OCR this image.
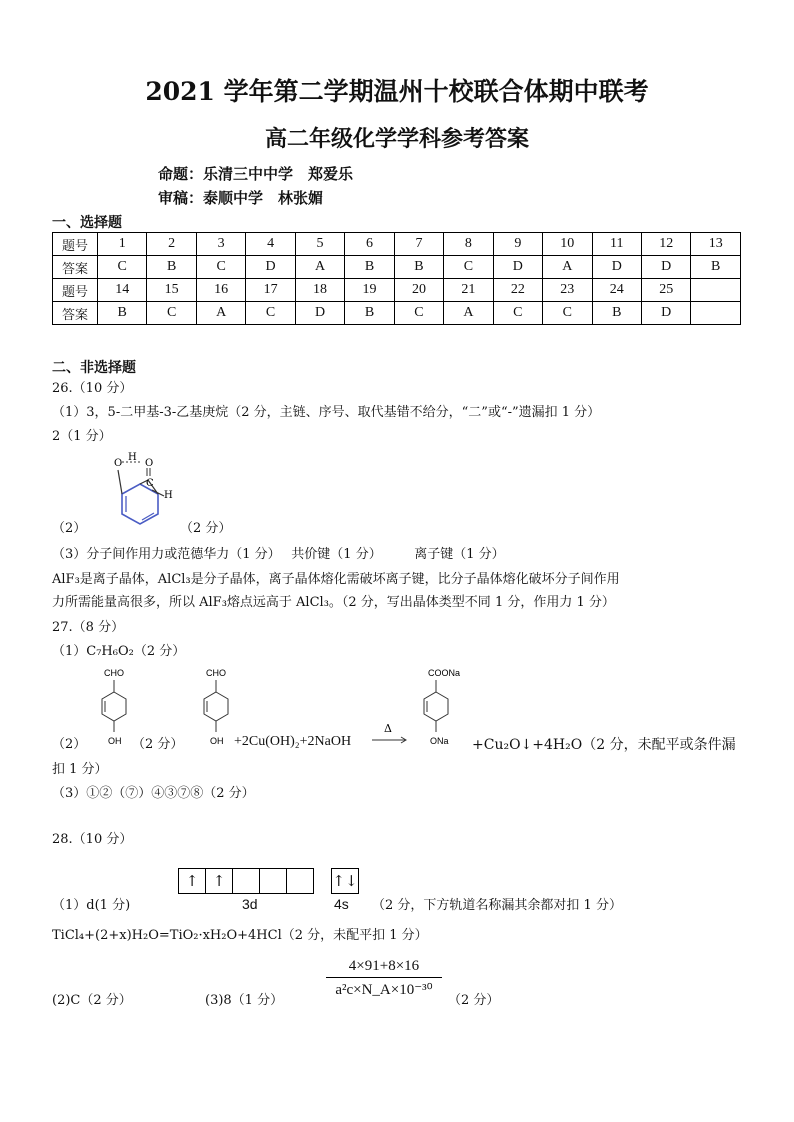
2021 学年第二学期温州十校联合体期中联考
高二年级化学学科参考答案
命题：乐清三中中学　郑爱乐
审稿：泰顺中学　林张媚
一、选择题
题号	1	2	3	4	5	6	7	8	9	10	11	12	13
答案	C	B	C	D	A	B	B	C	D	A	D	D	B
题号	14	15	16	17	18	19	20	21	22	23	24	25	
答案	B	C	A	C	D	B	C	A	C	C	B	D	
二、非选择题
26.（10 分）
（1）3，5-二甲基-3-乙基庚烷（2 分，主链、序号、取代基错不给分，“二”或“-”遗漏扣 1 分）
2（1 分）
O
H
O
C
H
（2）	（2 分）
（3）分子间作用力或范德华力（1 分）　 共价键（1 分）　　　离子键（1 分）
AlF₃是离子晶体，AlCl₃是分子晶体，离子晶体熔化需破坏离子键，比分子晶体熔化破坏分子间作用
力所需能量高很多，所以 AlF₃熔点远高于 AlCl₃。（2 分，写出晶体类型不同 1 分，作用力 1 分）
27.（8 分）
（1）C₇H₆O₂（2 分）
CHO
OH
（2）	（2 分）
CHO
OH +2Cu(OH)₂+2NaOH
Δ
COONa
ONa +Cu₂O↓+4H₂O（2 分，未配平或条件漏
扣 1 分）
（3）①②（⑦）④③⑦⑧（2 分）
28.（10 分）
↑ ↑	↑↓
3d	4s
（1）d(1 分)	（2 分，下方轨道名称漏其余都对扣 1 分）
TiCl₄+(2+x)H₂O=TiO₂·xH₂O+4HCl（2 分，未配平扣 1 分）
(2)C（2 分）	(3)8（1 分）
$\frac{4\times 91+8\times 16}{\text{a²c×N\_A×10⁻³⁰}}$
（2 分）
